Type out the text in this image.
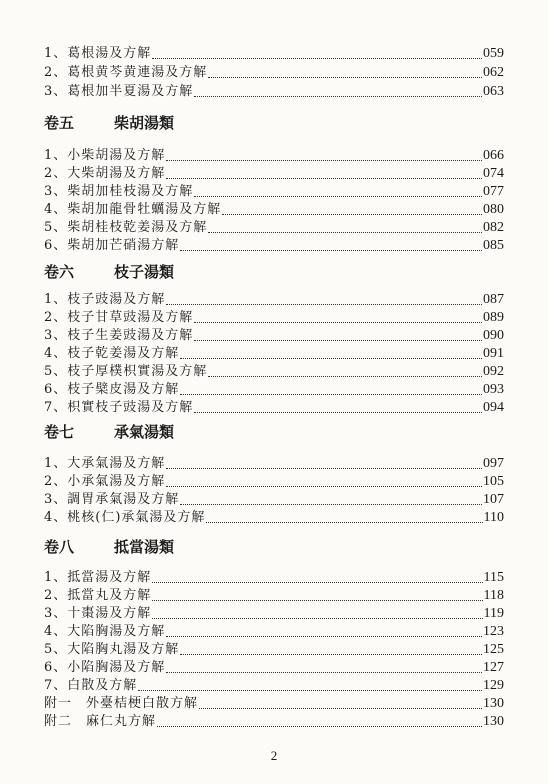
1、葛根湯及方解	059
2、葛根黄芩黄連湯及方解	062
3、葛根加半夏湯及方解	063
卷五	柴胡湯類
1、小柴胡湯及方解	066
2、大柴胡湯及方解	074
3、柴胡加桂枝湯及方解	077
4、柴胡加龍骨牡蠣湯及方解	080
5、柴胡桂枝乾姜湯及方解	082
6、柴胡加芒硝湯方解	085
卷六	枝子湯類
1、枝子豉湯及方解	087
2、枝子甘草豉湯及方解	089
3、枝子生姜豉湯及方解	090
4、枝子乾姜湯及方解	091
5、枝子厚樸枳實湯及方解	092
6、枝子檗皮湯及方解	093
7、枳實枝子豉湯及方解	094
卷七	承氣湯類
1、大承氣湯及方解	097
2、小承氣湯及方解	105
3、調胃承氣湯及方解	107
4、桃核(仁)承氣湯及方解	110
卷八	抵當湯類
1、抵當湯及方解	115
2、抵當丸及方解	118
3、十棗湯及方解	119
4、大陷胸湯及方解	123
5、大陷胸丸湯及方解	125
6、小陷胸湯及方解	127
7、白散及方解	129
附一　外臺桔梗白散方解	130
附二　麻仁丸方解	130
2
